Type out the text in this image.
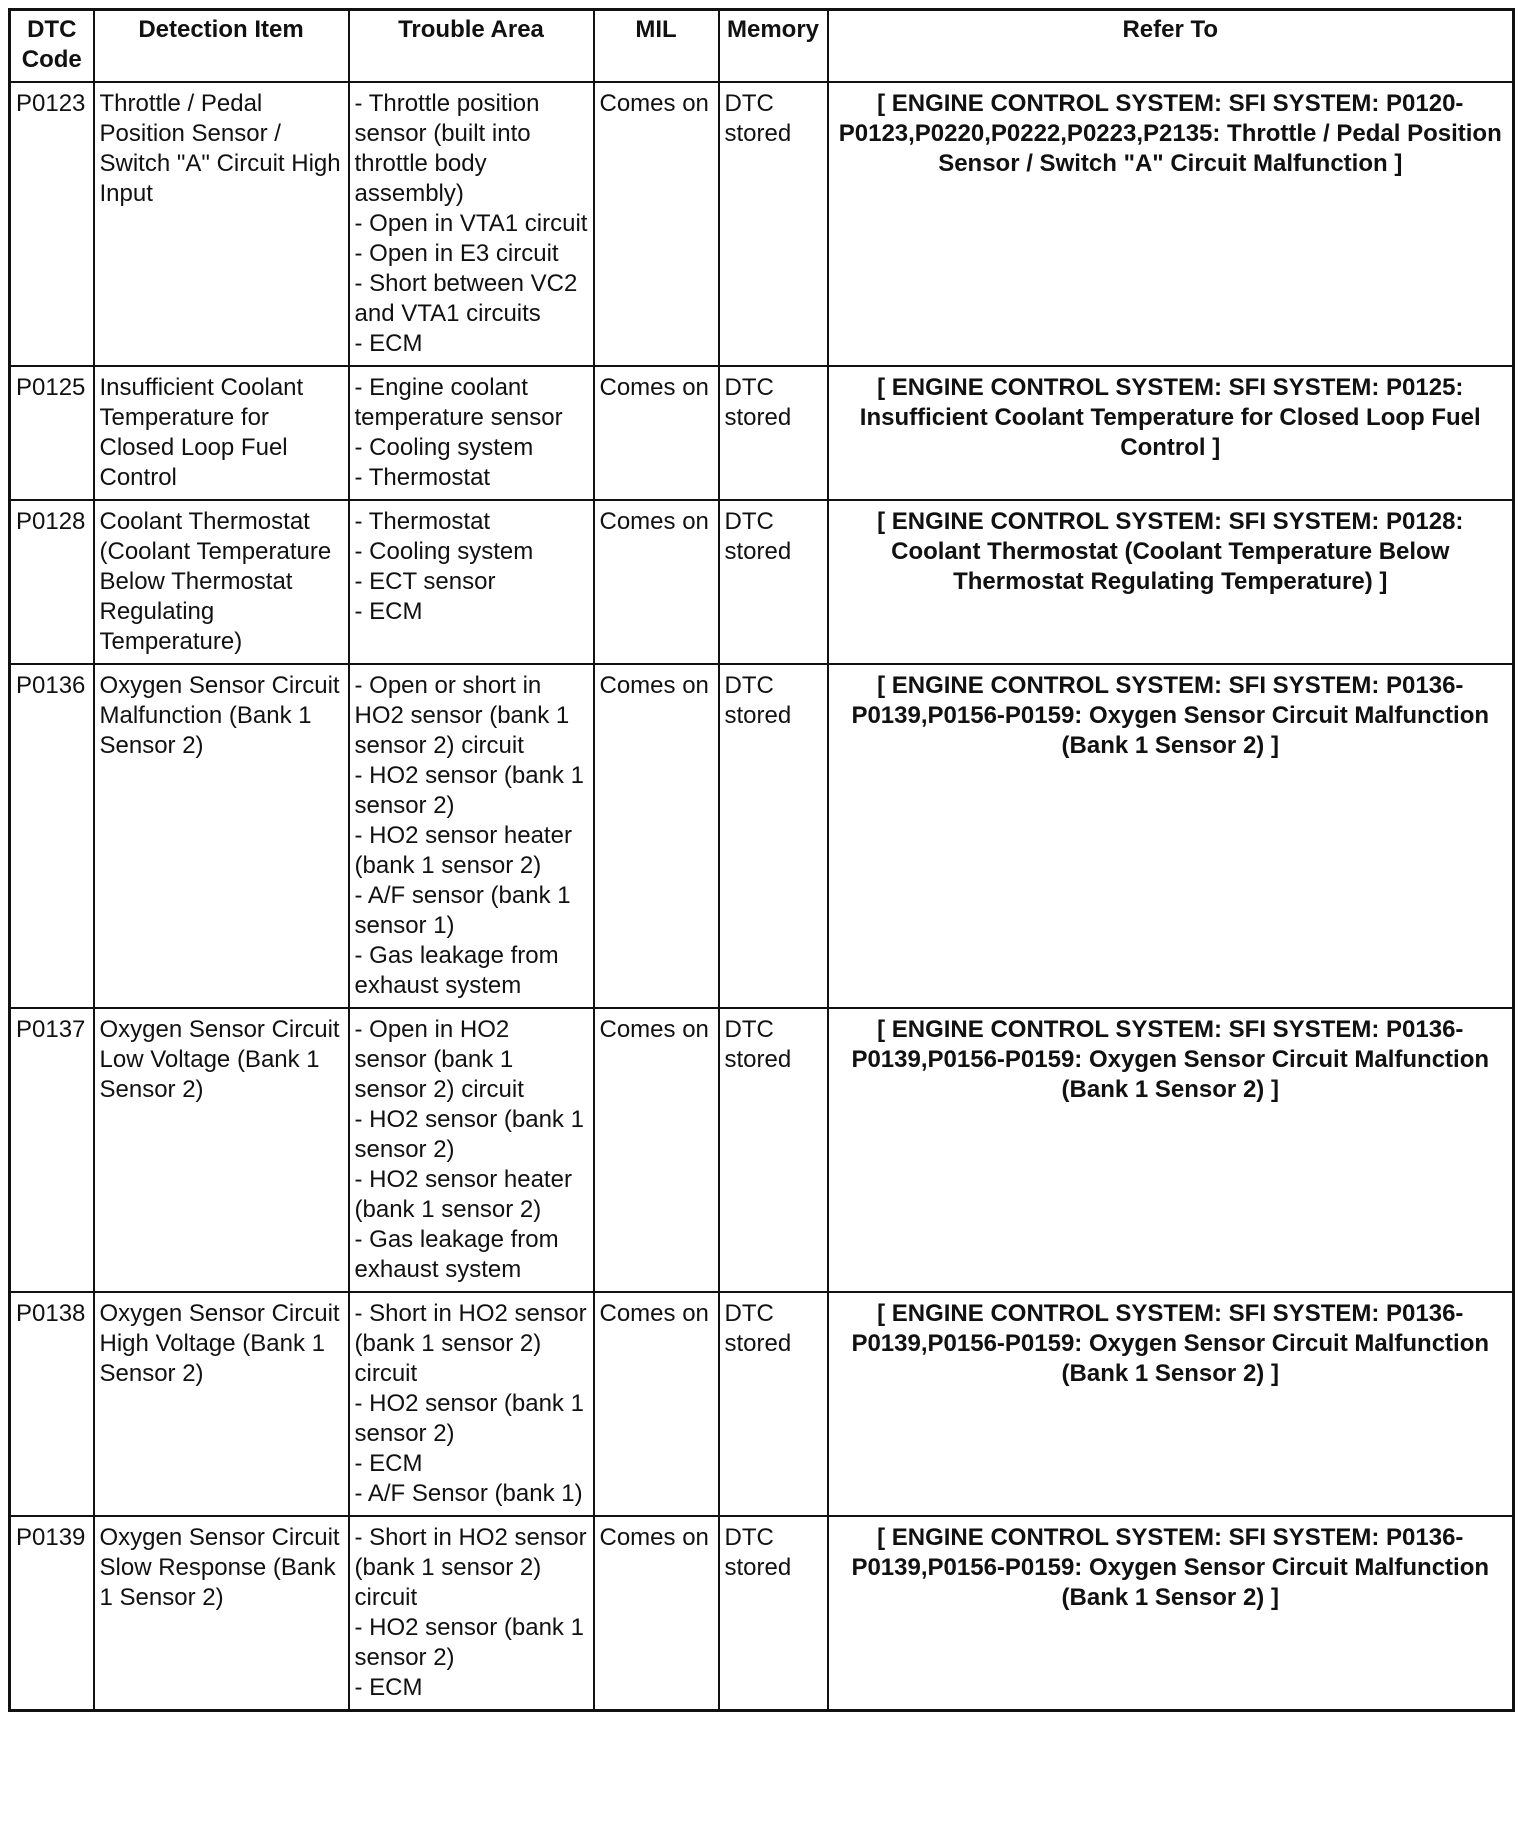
DTC Code	Detection Item	Trouble Area	MIL	Memory	Refer To
P0123	Throttle / Pedal Position Sensor / Switch "A" Circuit High Input	- Throttle position sensor (built into throttle body assembly)
- Open in VTA1 circuit
- Open in E3 circuit
- Short between VC2 and VTA1 circuits
- ECM	Comes on	DTC stored	[ ENGINE CONTROL SYSTEM: SFI SYSTEM: P0120-P0123,P0220,P0222,P0223,P2135: Throttle / Pedal Position Sensor / Switch "A" Circuit Malfunction ]
P0125	Insufficient Coolant Temperature for Closed Loop Fuel Control	- Engine coolant temperature sensor
- Cooling system
- Thermostat	Comes on	DTC stored	[ ENGINE CONTROL SYSTEM: SFI SYSTEM: P0125: Insufficient Coolant Temperature for Closed Loop Fuel Control ]
P0128	Coolant Thermostat (Coolant Temperature Below Thermostat Regulating Temperature)	- Thermostat
- Cooling system
- ECT sensor
- ECM	Comes on	DTC stored	[ ENGINE CONTROL SYSTEM: SFI SYSTEM: P0128: Coolant Thermostat (Coolant Temperature Below Thermostat Regulating Temperature) ]
P0136	Oxygen Sensor Circuit Malfunction (Bank 1 Sensor 2)	- Open or short in HO2 sensor (bank 1 sensor 2) circuit
- HO2 sensor (bank 1 sensor 2)
- HO2 sensor heater (bank 1 sensor 2)
- A/F sensor (bank 1 sensor 1)
- Gas leakage from exhaust system	Comes on	DTC stored	[ ENGINE CONTROL SYSTEM: SFI SYSTEM: P0136-P0139,P0156-P0159: Oxygen Sensor Circuit Malfunction (Bank 1 Sensor 2) ]
P0137	Oxygen Sensor Circuit Low Voltage (Bank 1 Sensor 2)	- Open in HO2 sensor (bank 1 sensor 2) circuit
- HO2 sensor (bank 1 sensor 2)
- HO2 sensor heater (bank 1 sensor 2)
- Gas leakage from exhaust system	Comes on	DTC stored	[ ENGINE CONTROL SYSTEM: SFI SYSTEM: P0136-P0139,P0156-P0159: Oxygen Sensor Circuit Malfunction (Bank 1 Sensor 2) ]
P0138	Oxygen Sensor Circuit High Voltage (Bank 1 Sensor 2)	- Short in HO2 sensor (bank 1 sensor 2) circuit
- HO2 sensor (bank 1 sensor 2)
- ECM
- A/F Sensor (bank 1)	Comes on	DTC stored	[ ENGINE CONTROL SYSTEM: SFI SYSTEM: P0136-P0139,P0156-P0159: Oxygen Sensor Circuit Malfunction (Bank 1 Sensor 2) ]
P0139	Oxygen Sensor Circuit Slow Response (Bank 1 Sensor 2)	- Short in HO2 sensor (bank 1 sensor 2) circuit
- HO2 sensor (bank 1 sensor 2)
- ECM	Comes on	DTC stored	[ ENGINE CONTROL SYSTEM: SFI SYSTEM: P0136-P0139,P0156-P0159: Oxygen Sensor Circuit Malfunction (Bank 1 Sensor 2) ]
